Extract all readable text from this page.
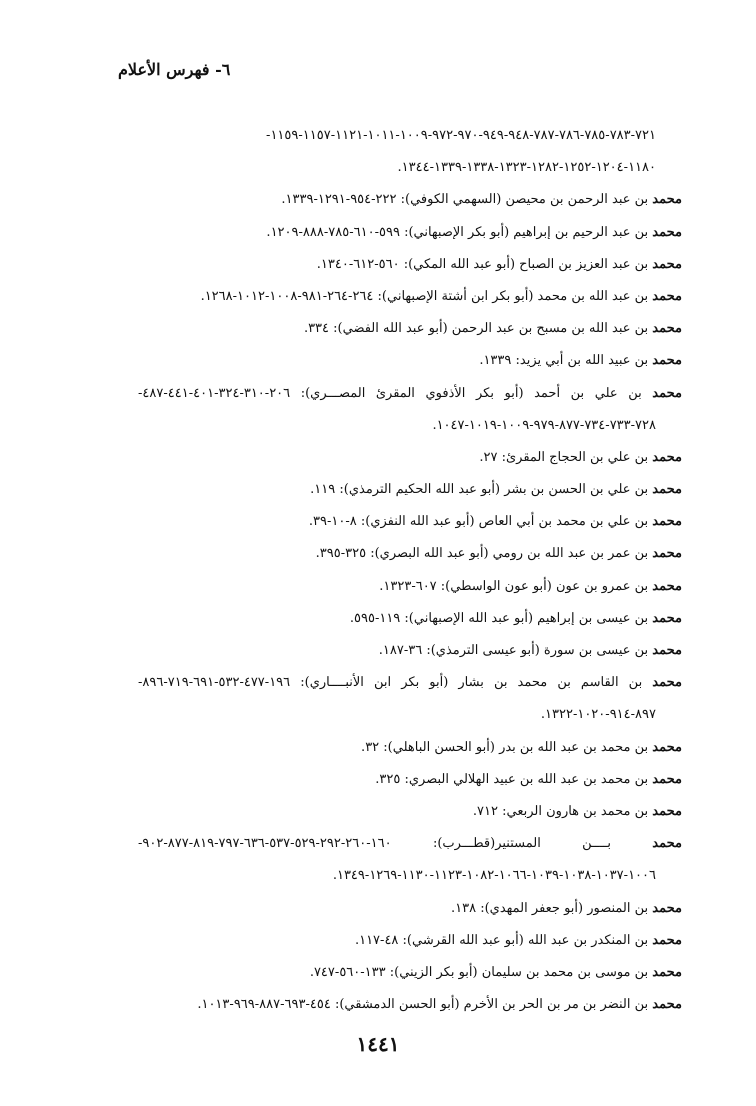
٦- فهرس الأعلام
٧٢١-٧٨٣-٧٨٥-٧٨٦-٧٨٧-٩٤٨-٩٤٩-٩٧٠-٩٧٢-١٠٠٩-١٠١١-١١٢١-١١٥٧-١١٥٩-
١١٨٠-١٢٠٤-١٢٥٢-١٢٨٢-١٣٢٣-١٣٣٨-١٣٣٩-١٣٤٤.
محمد بن عبد الرحمن بن محيصن (السهمي الكوفي): ٢٢٢-٩٥٤-١٢٩١-١٣٣٩.
محمد بن عبد الرحيم بن إبراهيم (أبو بكر الإصبهاني): ٥٩٩-٦١٠-٧٨٥-٨٨٨-١٢٠٩.
محمد بن عبد العزيز بن الصباح (أبو عبد الله المكي): ٥٦٠-٦١٢-١٣٤٠.
محمد بن عبد الله بن محمد (أبو بكر ابن أشتة الإصبهاني): ٢٦٤-٢٦٤-٩٨١-١٠٠٨-١٠١٢-١٢٦٨.
محمد بن عبد الله بن مسبح بن عبد الرحمن (أبو عبد الله الفضي): ٣٣٤.
محمد بن عبيد الله بن أبي يزيد: ١٣٣٩.
محمد بن علي بن أحمد (أبو بكر الأذفوي المقرئ المصـــري): ٢٠٦-٣١٠-٣٢٤-٤٠١-٤٤١-٤٨٧-
٧٢٨-٧٣٣-٧٣٤-٨٧٧-٩٧٩-١٠٠٩-١٠١٩-١٠٤٧.
محمد بن علي بن الحجاج المقرئ: ٢٧.
محمد بن علي بن الحسن بن بشر (أبو عبد الله الحكيم الترمذي): ١١٩.
محمد بن علي بن محمد بن أبي العاص (أبو عبد الله النفزي): ٨-١٠-٣٩.
محمد بن عمر بن عبد الله بن رومي (أبو عبد الله البصري): ٣٢٥-٣٩٥.
محمد بن عمرو بن عون (أبو عون الواسطي): ٦٠٧-١٣٢٣.
محمد بن عيسى بن إبراهيم (أبو عبد الله الإصبهاني): ١١٩-٥٩٥.
محمد بن عيسى بن سورة (أبو عيسى الترمذي): ٣٦-١٨٧.
محمد بن القاسم بن محمد بن بشار (أبو بكر ابن الأنبــــاري): ١٩٦-٤٧٧-٥٣٢-٦٩١-٧١٩-٨٩٦-
٨٩٧-٩١٤-١٠٢٠-١٣٢٢.
محمد بن محمد بن عبد الله بن بدر (أبو الحسن الباهلي): ٣٢.
محمد بن محمد بن عبد الله بن عبيد الهلالي البصري: ٣٢٥.
محمد بن محمد بن هارون الربعي: ٧١٢.
محمد بــــن المستنير(قطـــرب): ١٦٠-٢٦٠-٢٩٢-٥٢٩-٥٣٧-٦٣٦-٧٩٧-٨١٩-٨٧٧-٩٠٢-
١٠٠٦-١٠٣٧-١٠٣٨-١٠٣٩-١٠٦٦-١٠٨٢-١١٢٣-١١٣٠-١٢٦٩-١٣٤٩.
محمد بن المنصور (أبو جعفر المهدي): ١٣٨.
محمد بن المنكدر بن عبد الله (أبو عبد الله القرشي): ٤٨-١١٧.
محمد بن موسى بن محمد بن سليمان (أبو بكر الزيني): ١٣٣-٥٦٠-٧٤٧.
محمد بن النضر بن مر بن الحر بن الأخرم (أبو الحسن الدمشقي): ٤٥٤-٦٩٣-٨٨٧-٩٦٩-١٠١٣.
١٤٤١
